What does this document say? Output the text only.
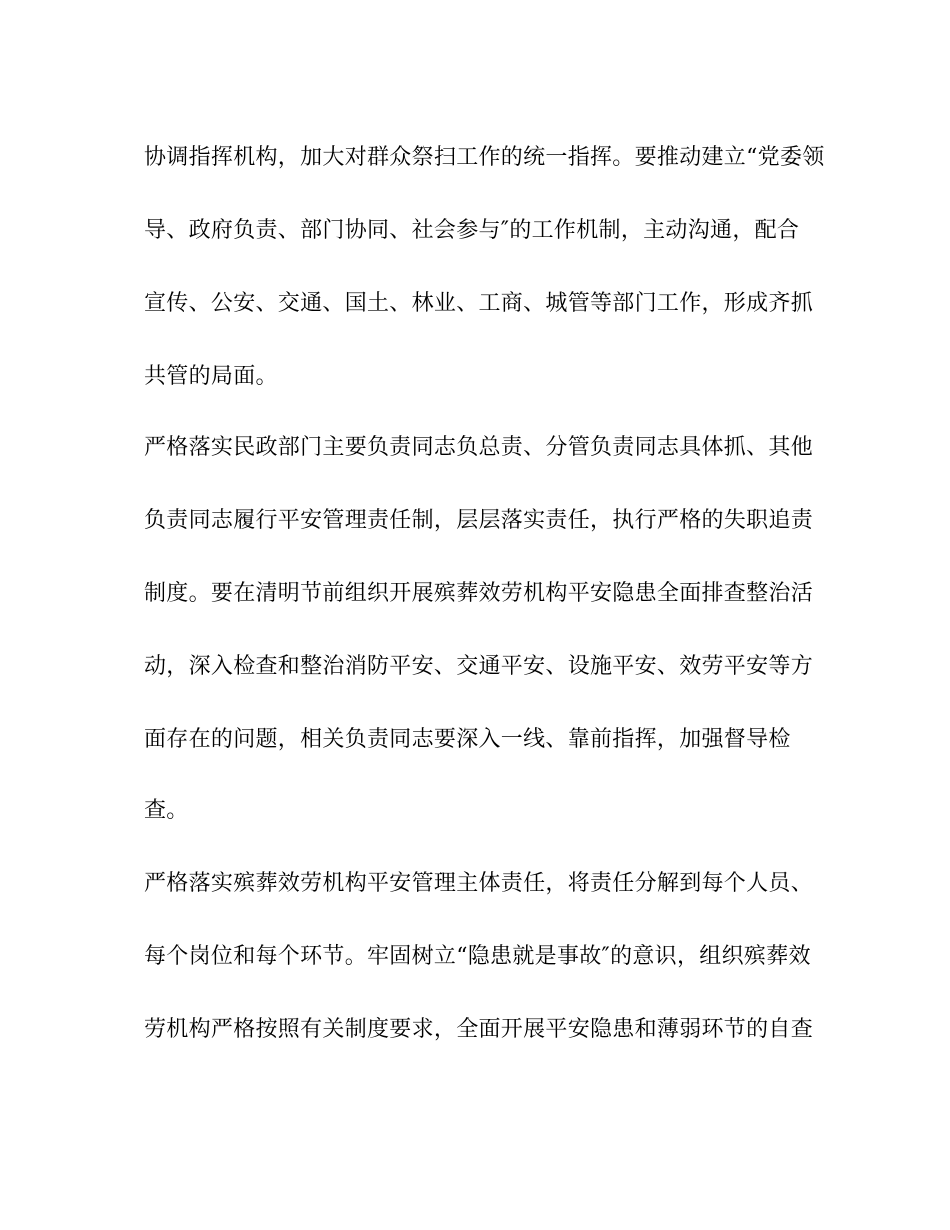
协调指挥机构，加大对群众祭扫工作的统一指挥。要推动建立“党委领
导、政府负责、部门协同、社会参与″的工作机制，主动沟通，配合
宣传、公安、交通、国土、林业、工商、城管等部门工作，形成齐抓
共管的局面。
严格落实民政部门主要负责同志负总责、分管负责同志具体抓、其他
负责同志履行平安管理责任制，层层落实责任，执行严格的失职追责
制度。要在清明节前组织开展殡葬效劳机构平安隐患全面排查整治活
动，深入检查和整治消防平安、交通平安、设施平安、效劳平安等方
面存在的问题，相关负责同志要深入一线、靠前指挥，加强督导检
查。
严格落实殡葬效劳机构平安管理主体责任，将责任分解到每个人员、
每个岗位和每个环节。牢固树立“隐患就是事故″的意识，组织殡葬效
劳机构严格按照有关制度要求，全面开展平安隐患和薄弱环节的自查
